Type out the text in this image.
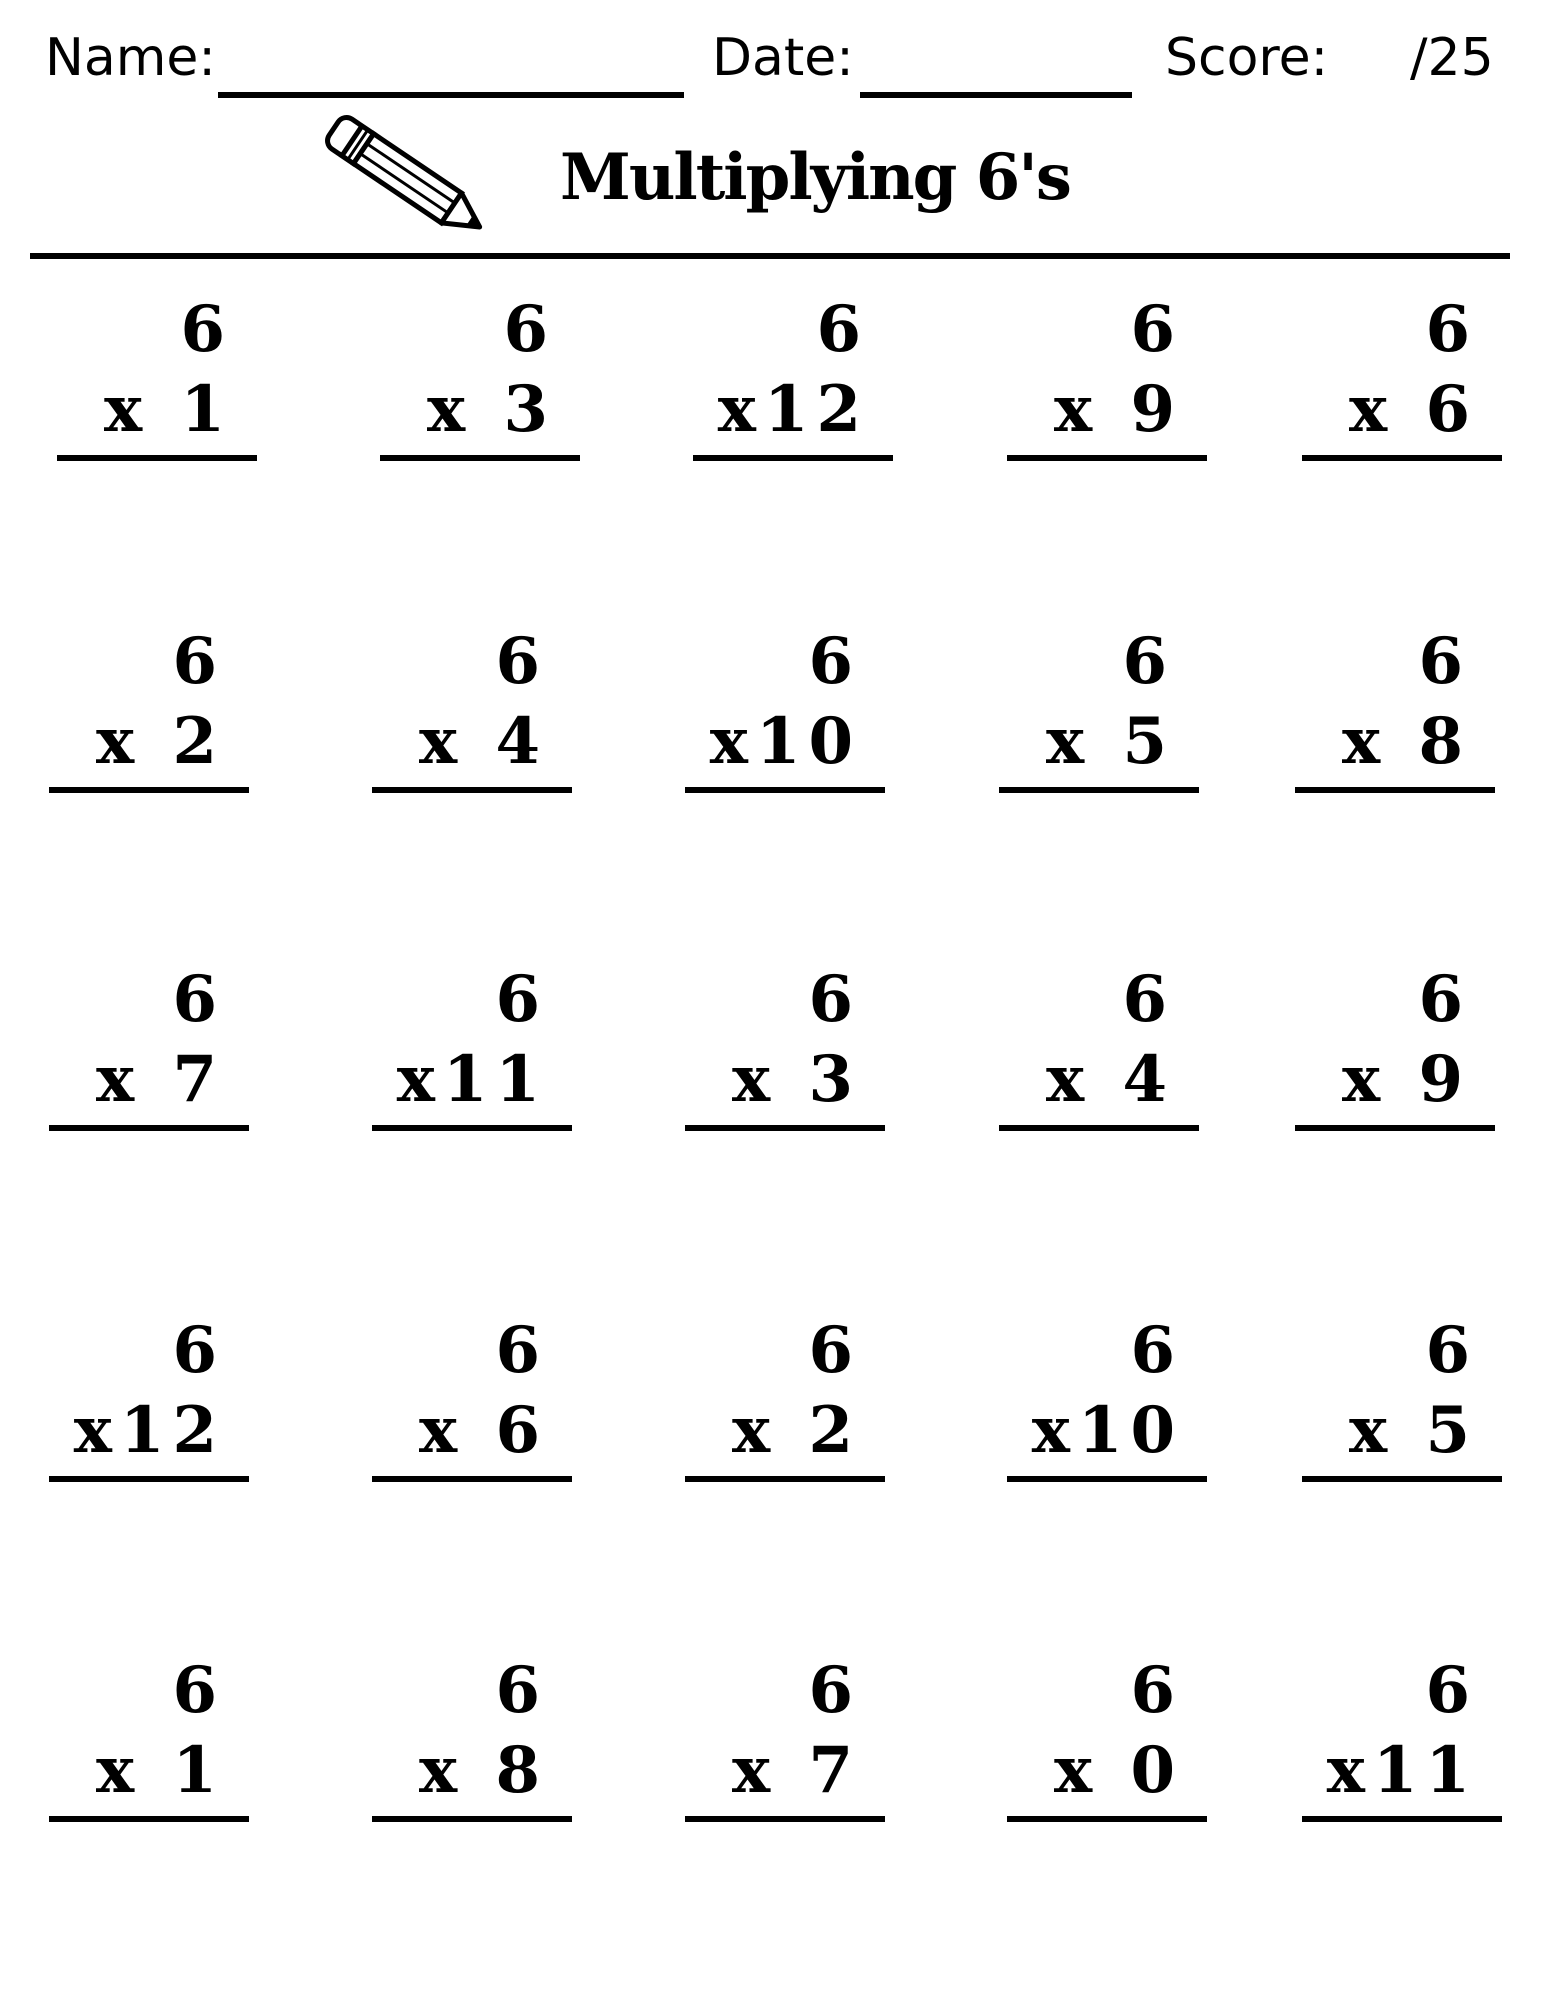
Name:	Date:	Score: /25
Multiplying 6's
6
x 1
6
x 3
6
x12
6
x 9
6
x 6
6
x 2
6
x 4
6
x10
6
x 5
6
x 8
6
x 7
6
x11
6
x 3
6
x 4
6
x 9
6
x12
6
x 6
6
x 2
6
x10
6
x 5
6
x 1
6
x 8
6
x 7
6
x 0
6
x11
